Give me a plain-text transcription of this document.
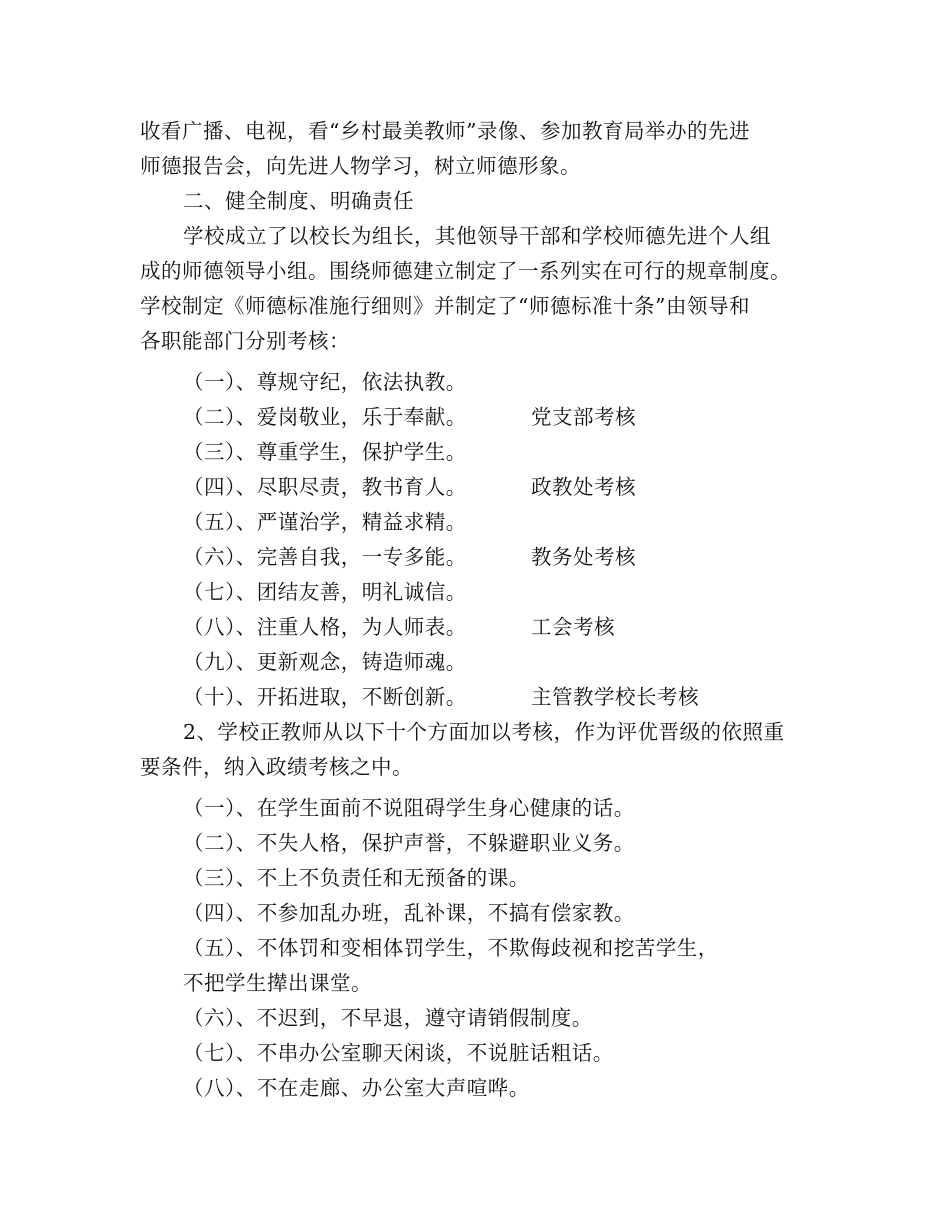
收看广播、电视，看“乡村最美教师”录像、参加教育局举办的先进
师德报告会，向先进人物学习，树立师德形象。
二、健全制度、明确责任
学校成立了以校长为组长，其他领导干部和学校师德先进个人组
成的师德领导小组。围绕师德建立制定了一系列实在可行的规章制度。
学校制定《师德标准施行细则》并制定了“师德标准十条”由领导和
各职能部门分别考核：
（一）、尊规守纪，依法执教。
（二）、爱岗敬业，乐于奉献。	党支部考核
（三）、尊重学生，保护学生。
（四）、尽职尽责，教书育人。	政教处考核
（五）、严谨治学，精益求精。
（六）、完善自我，一专多能。	教务处考核
（七）、团结友善，明礼诚信。
（八）、注重人格，为人师表。	工会考核
（九）、更新观念，铸造师魂。
（十）、开拓进取，不断创新。	主管教学校长考核
2、学校正教师从以下十个方面加以考核，作为评优晋级的依照重
要条件，纳入政绩考核之中。
（一）、在学生面前不说阻碍学生身心健康的话。
（二）、不失人格，保护声誉，不躲避职业义务。
（三）、不上不负责任和无预备的课。
（四）、不参加乱办班，乱补课，不搞有偿家教。
（五）、不体罚和变相体罚学生，不欺侮歧视和挖苦学生，
不把学生撵出课堂。
（六）、不迟到，不早退，遵守请销假制度。
（七）、不串办公室聊天闲谈，不说脏话粗话。
（八）、不在走廊、办公室大声喧哗。
